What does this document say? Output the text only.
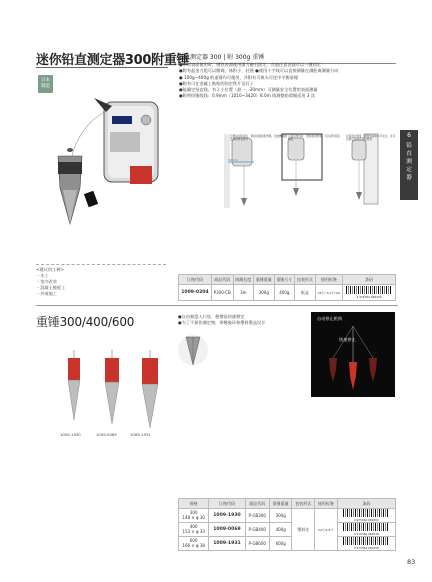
迷你铅直测定器300附重锤
日本
制造
铅直测定器 300 | 附 300g 重锤
●木材表面使用时，钢铁表面使用强力磁石固定，其他任意表面可以一键固定
●附有起金刀组可以微调，体积小、轻便 ●使用十字线可以直接测量在测距离测量方向
● 100g~400g 的重锤均可使用，并附有可换头可挂中平衡垂锤
●附有可在金属上粘贴的固定铁片及钉子
●能确定坚直线、有２个位置（最一、30mm）可测量安全位置的表面测量
●附带铅锤线线：0.9mm（1010~3420）8.0m 线调整防滑绳适用 3 次
6
铅直测定器
30mm
当器具到铅直时，钢铁表面吸附效果，因此精确测量和铅垂直部分
只能铅垂线时，钢铁吸附效果，可以使用铅直测量
在铅直处测量，测量线保持水平状态，并可以测量到测量处的铅垂
<建议用工种>
・木工
・室内改装
・混凝土模板工
・外墙施工
订购代码	商品代码	线绳长度	重锤重量	重锤尺寸	包装形式	使用标签	条码
1009-0204	P300-CB	3m	300g	400g	纸盒	24个/ 1/1个/1/6	4 975364 069349
重锤300/400/600	●自由刻度入口处、便携易快速移定
●为了不损伤测定物，带橡胶环和塑料墨盒设计
自动停止机构
快速停止
1009-1930	1009-0069	1009-1931
规格	订购代码	商品代码	重锤重量	包装形式	使用标签	条码
300
148 × φ 30	1009-1930	P-GB300	300g	塑料壳	24个/1/1个	4 975364 069301

400
153 × φ 33	1009-0069	P-GB400	400g			4 975364 069318

600
166 × φ 38	1009-1931	P-GB600	600g			4 975364 069325
83
